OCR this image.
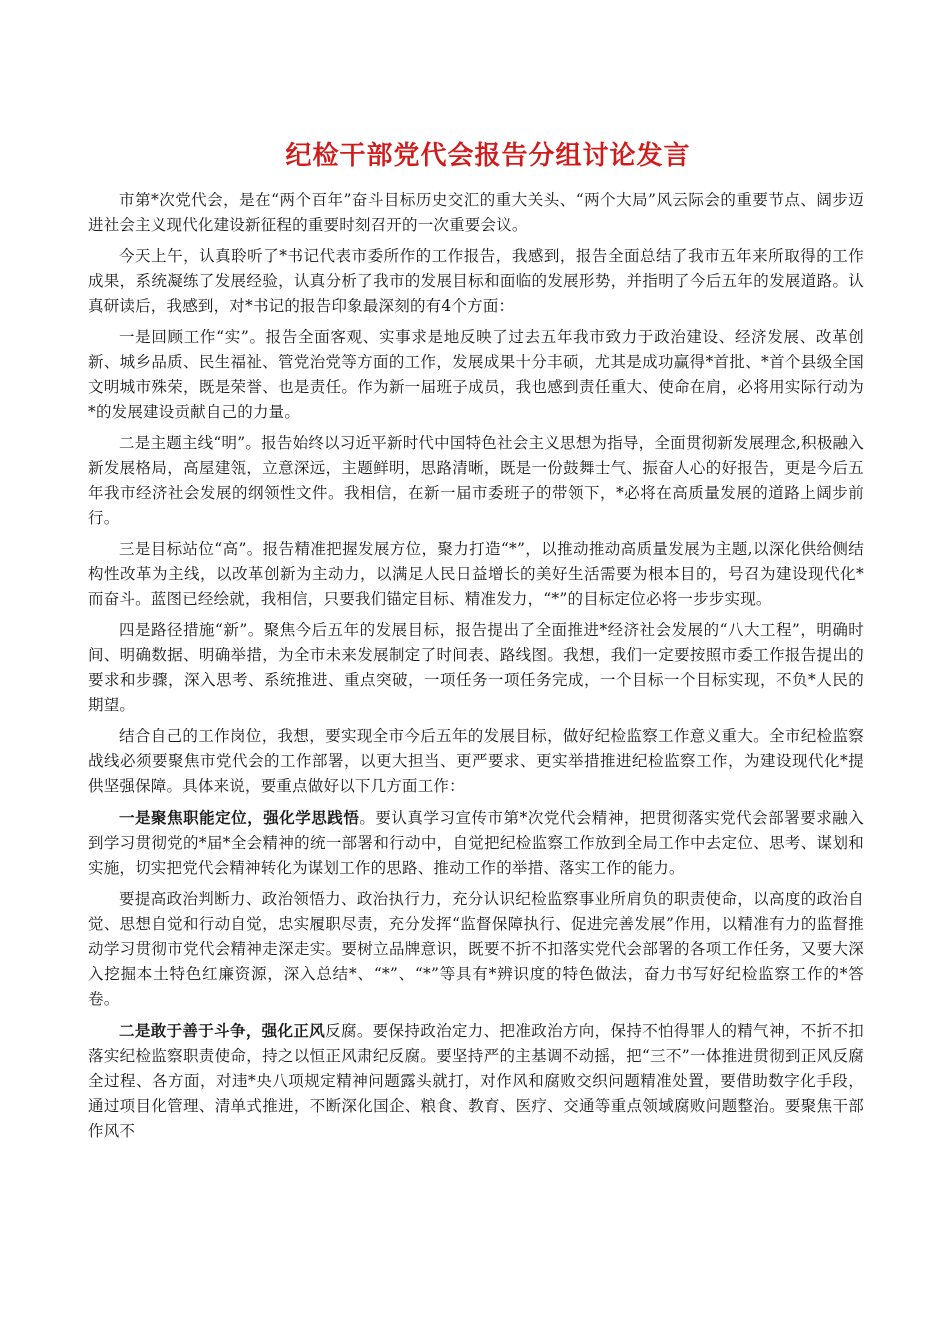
纪检干部党代会报告分组讨论发言

市第*次党代会，是在“两个百年”奋斗目标历史交汇的重大关头、“两个大局”风云际会的重要节点、阔步迈进社会主义现代化建设新征程的重要时刻召开的一次重要会议。

今天上午，认真聆听了*书记代表市委所作的工作报告，我感到，报告全面总结了我市五年来所取得的工作成果，系统凝练了发展经验，认真分析了我市的发展目标和面临的发展形势，并指明了今后五年的发展道路。认真研读后，我感到，对*书记的报告印象最深刻的有4个方面：

一是回顾工作“实”。报告全面客观、实事求是地反映了过去五年我市致力于政治建设、经济发展、改革创新、城乡品质、民生福祉、管党治党等方面的工作，发展成果十分丰硕，尤其是成功赢得*首批、*首个县级全国文明城市殊荣，既是荣誉、也是责任。作为新一届班子成员，我也感到责任重大、使命在肩，必将用实际行动为*的发展建设贡献自己的力量。

二是主题主线“明”。报告始终以习近平新时代中国特色社会主义思想为指导，全面贯彻新发展理念,积极融入新发展格局，高屋建瓴，立意深远，主题鲜明，思路清晰，既是一份鼓舞士气、振奋人心的好报告，更是今后五年我市经济社会发展的纲领性文件。我相信，在新一届市委班子的带领下，*必将在高质量发展的道路上阔步前行。

三是目标站位“高”。报告精准把握发展方位，聚力打造“*”，以推动推动高质量发展为主题,以深化供给侧结构性改革为主线，以改革创新为主动力，以满足人民日益增长的美好生活需要为根本目的，号召为建设现代化*而奋斗。蓝图已经绘就，我相信，只要我们锚定目标、精准发力，“*”的目标定位必将一步步实现。

四是路径措施“新”。聚焦今后五年的发展目标，报告提出了全面推进*经济社会发展的“八大工程”，明确时间、明确数据、明确举措，为全市未来发展制定了时间表、路线图。我想，我们一定要按照市委工作报告提出的要求和步骤，深入思考、系统推进、重点突破，一项任务一项任务完成，一个目标一个目标实现，不负*人民的期望。

结合自己的工作岗位，我想，要实现全市今后五年的发展目标，做好纪检监察工作意义重大。全市纪检监察战线必须要聚焦市党代会的工作部署，以更大担当、更严要求、更实举措推进纪检监察工作，为建设现代化*提供坚强保障。具体来说，要重点做好以下几方面工作：

一是聚焦职能定位，强化学思践悟。要认真学习宣传市第*次党代会精神，把贯彻落实党代会部署要求融入到学习贯彻党的*届*全会精神的统一部署和行动中，自觉把纪检监察工作放到全局工作中去定位、思考、谋划和实施，切实把党代会精神转化为谋划工作的思路、推动工作的举措、落实工作的能力。

要提高政治判断力、政治领悟力、政治执行力，充分认识纪检监察事业所肩负的职责使命，以高度的政治自觉、思想自觉和行动自觉，忠实履职尽责，充分发挥“监督保障执行、促进完善发展”作用，以精准有力的监督推动学习贯彻市党代会精神走深走实。要树立品牌意识，既要不折不扣落实党代会部署的各项工作任务，又要大深入挖掘本土特色红廉资源，深入总结*、“*”、“*”等具有*辨识度的特色做法，奋力书写好纪检监察工作的*答卷。

二是敢于善于斗争，强化正风反腐。要保持政治定力、把准政治方向，保持不怕得罪人的精气神，不折不扣落实纪检监察职责使命，持之以恒正风肃纪反腐。要坚持严的主基调不动摇，把“三不”一体推进贯彻到正风反腐全过程、各方面，对违*央八项规定精神问题露头就打，对作风和腐败交织问题精准处置，要借助数字化手段，通过项目化管理、清单式推进，不断深化国企、粮食、教育、医疗、交通等重点领域腐败问题整治。要聚焦干部作风不
